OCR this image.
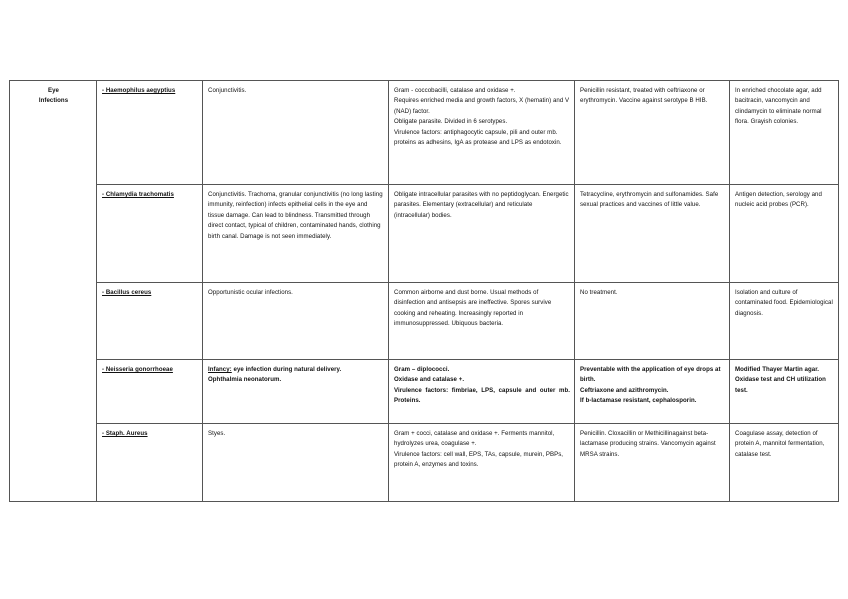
Eye
Infections	- Haemophilus aegyptius	Conjunctivitis.	Gram - coccobacilli, catalase and oxidase +.
Requires enriched media and growth factors, X (hematin) and V (NAD) factor.
Obligate parasite. Divided in 6 serotypes.
Virulence factors: antiphagocytic capsule, pili and outer mb. proteins as adhesins, IgA as protease and LPS as endotoxin.	Penicillin resistant, treated with ceftriaxone or erythromycin. Vaccine against serotype B HIB.	In enriched chocolate agar, add bacitracin, vancomycin and clindamycin to eliminate normal flora. Grayish colonies.

	- Chlamydia trachomatis	Conjunctivitis. Trachoma, granular conjunctivitis (no long lasting immunity, reinfection) infects epithelial cells in the eye and tissue damage. Can lead to blindness. Transmitted through direct contact, typical of children, contaminated hands, clothing birth canal. Damage is not seen immediately.	Obligate intracellular parasites with no peptidoglycan. Energetic parasites. Elementary (extracellular) and reticulate (intracellular) bodies.	Tetracycline, erythromycin and sulfonamides. Safe sexual practices and vaccines of little value.	Antigen detection, serology and nucleic acid probes (PCR).

	- Bacillus cereus	Opportunistic ocular infections.	Common airborne and dust borne. Usual methods of disinfection and antisepsis are ineffective. Spores survive cooking and reheating. Increasingly reported in immunosuppressed. Ubiquous bacteria.	No treatment.	Isolation and culture of contaminated food. Epidemiological diagnosis.

	- Neisseria gonorrhoeae	Infancy: eye infection during natural delivery.
Ophthalmia neonatorum.	Gram – diplococci.
Oxidase and catalase +.
Virulence factors: fimbriae, LPS, capsule and outer mb. Proteins.	Preventable with the application of eye drops at birth.
Ceftriaxone and azithromycin.
If b-lactamase resistant, cephalosporin.	Modified Thayer Martin agar. Oxidase test and CH utilization test.

	- Staph. Aureus	Styes.	Gram + cocci, catalase and oxidase +. Ferments mannitol, hydrolyzes urea, coagulase +.
Virulence factors: cell wall, EPS, TAs, capsule, murein, PBPs, protein A, enzymes and toxins.	Penicillin. Cloxacillin or Methicillinagainst beta-lactamase producing strains. Vancomycin against MRSA strains.	Coagulase assay, detection of protein A, mannitol fermentation, catalase test.
